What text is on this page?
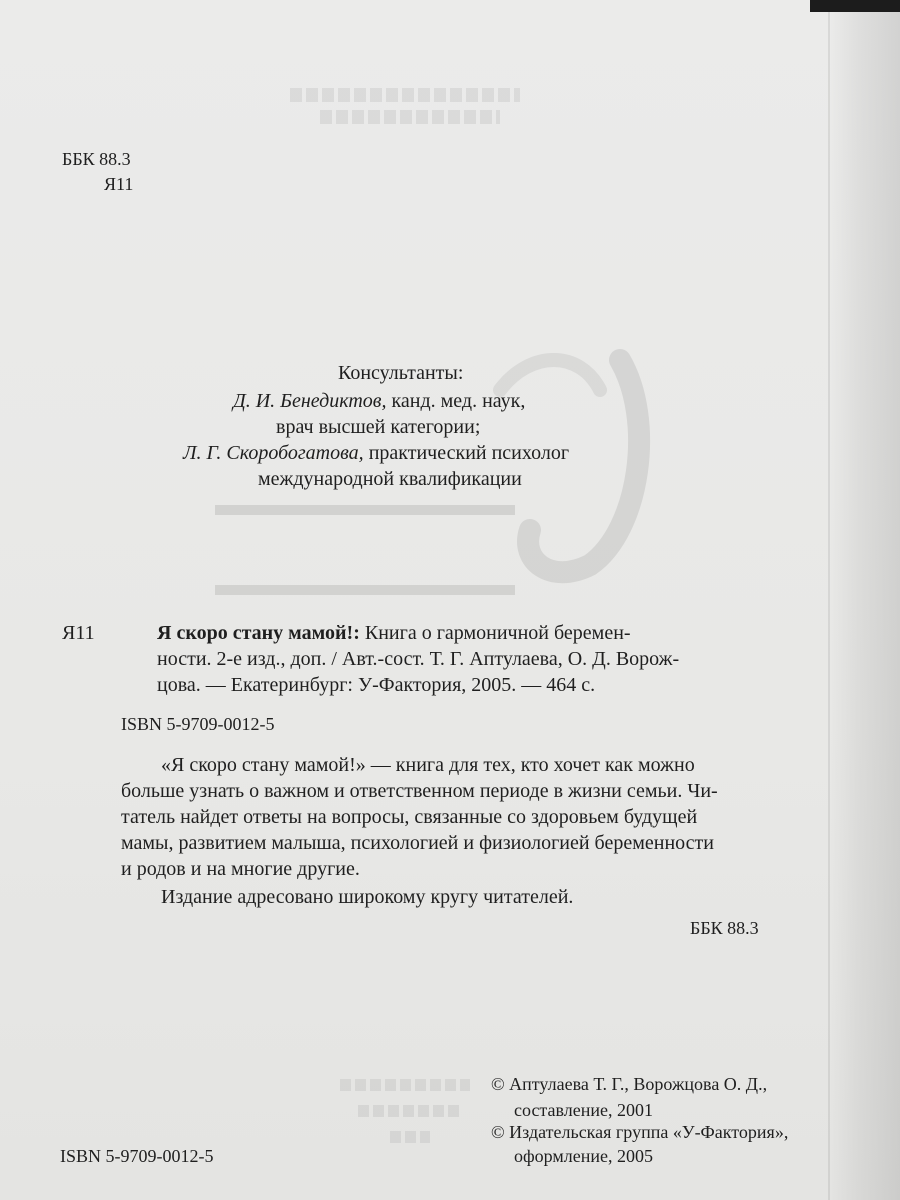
ББК 88.3
Я11
Консультанты:
Д. И. Бенедиктов, канд. мед. наук,
врач высшей категории;
Л. Г. Скоробогатова, практический психолог
международной квалификации
Я11	Я скоро стану мамой!: Книга о гармоничной беремен-
ности. 2-е изд., доп. / Авт.-сост. Т. Г. Аптулаева, О. Д. Ворож-
цова. — Екатеринбург: У-Фактория, 2005. — 464 с.
ISBN 5-9709-0012-5
«Я скоро стану мамой!» — книга для тех, кто хочет как можно
больше узнать о важном и ответственном периоде в жизни семьи. Чи-
татель найдет ответы на вопросы, связанные со здоровьем будущей
мамы, развитием малыша, психологией и физиологией беременности
и родов и на многие другие.
Издание адресовано широкому кругу читателей.
ББК 88.3
© Аптулаева Т. Г., Ворожцова О. Д.,
составление, 2001
© Издательская группа «У-Фактория»,
оформление, 2005
ISBN 5-9709-0012-5
